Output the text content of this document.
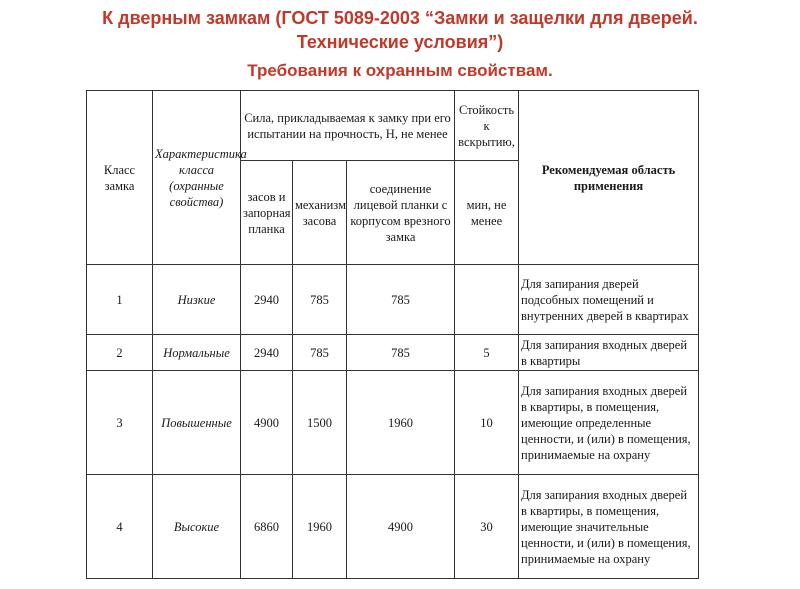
К дверным замкам (ГОСТ 5089-2003 “Замки и защелки для дверей.
Технические условия”)
Требования к охранным свойствам.
Класс замка	Характеристика класса (охранные свойства)	Сила, прикладываемая к замку при его испытании на прочность, Н, не менее			Стойкость к вскрытию,	Рекомендуемая область применения
		засов и запорная планка	механизм засова	соединение лицевой планки с корпусом врезного замка	мин, не менее	
1	Низкие	2940	785	785		Для запирания дверей подсобных помещений и внутренних дверей в квартирах
2	Нормальные	2940	785	785	5	Для запирания входных дверей в квартиры
3	Повышенные	4900	1500	1960	10	Для запирания входных дверей в квартиры, в помещения, имеющие определенные ценности, и (или) в помещения, принимаемые на охрану
4	Высокие	6860	1960	4900	30	Для запирания входных дверей в квартиры, в помещения, имеющие значительные ценности, и (или) в помещения, принимаемые на охрану
